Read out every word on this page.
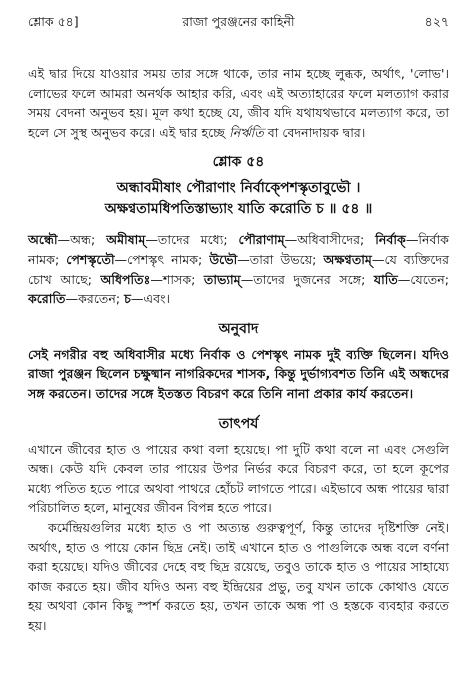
শ্লোক ৫৪]	রাজা পুরঞ্জনের কাহিনী	৪২৭

এই দ্বার দিয়ে যাওয়ার সময় তার সঙ্গে থাকে, তার নাম হচ্ছে লুব্ধক, অর্থাৎ, 'লোভ'। লোভের ফলে আমরা অনর্থক আহার করি, এবং এই অত্যাহারের ফলে মলত্যাগ করার সময় বেদনা অনুভব হয়। মূল কথা হচ্ছে যে, জীব যদি যথাযথভাবে মলত্যাগ করে, তা হলে সে সুস্থ অনুভব করে। এই দ্বার হচ্ছে নির্ঋতি বা বেদনাদায়ক দ্বার।

শ্লোক ৫৪
অন্ধাবমীষাং পৌরাণাং নির্বাক্পেশস্কৃতাবুভৌ ।
অক্ষণ্বতামধিপতিস্তাভ্যাং যাতি করোতি চ ॥ ৫৪ ॥

অন্ধৌ—অন্ধ; অমীষাম্—তাদের মধ্যে; পৌরাণাম্—অধিবাসীদের; নির্বাক্—নির্বাক নামক; পেশস্কৃতৌ—পেশস্কৃৎ নামক; উভৌ—তারা উভয়ে; অক্ষণ্বতাম্—যে ব্যক্তিদের চোখ আছে; অধিপতিঃ—শাসক; তাভ্যাম্—তাদের দুজনের সঙ্গে; যাতি—যেতেন; করোতি—করতেন; চ—এবং।

অনুবাদ

সেই নগরীর বহু অধিবাসীর মধ্যে নির্বাক ও পেশস্কৃৎ নামক দুই ব্যক্তি ছিলেন। যদিও রাজা পুরঞ্জন ছিলেন চক্ষুষ্মান নাগরিকদের শাসক, কিন্তু দুর্ভাগ্যবশত তিনি এই অন্ধদের সঙ্গ করতেন। তাদের সঙ্গে ইতস্তত বিচরণ করে তিনি নানা প্রকার কার্য করতেন।

তাৎপর্য

এখানে জীবের হাত ও পায়ের কথা বলা হয়েছে। পা দুটি কথা বলে না এবং সেগুলি অন্ধ। কেউ যদি কেবল তার পায়ের উপর নির্ভর করে বিচরণ করে, তা হলে কূপের মধ্যে পতিত হতে পারে অথবা পাথরে হোঁচট লাগতে পারে। এইভাবে অন্ধ পায়ের দ্বারা পরিচালিত হলে, মানুষের জীবন বিপন্ন হতে পারে।

কর্মেন্দ্রিয়গুলির মধ্যে হাত ও পা অত্যন্ত গুরুত্বপূর্ণ, কিন্তু তাদের দৃষ্টিশক্তি নেই। অর্থাৎ, হাত ও পায়ে কোন ছিদ্র নেই। তাই এখানে হাত ও পাগুলিকে অন্ধ বলে বর্ণনা করা হয়েছে। যদিও জীবের দেহে বহু ছিদ্র রয়েছে, তবুও তাকে হাত ও পায়ের সাহায্যে কাজ করতে হয়। জীব যদিও অন্য বহু ইন্দ্রিয়ের প্রভু, তবু যখন তাকে কোথাও যেতে হয় অথবা কোন কিছু স্পর্শ করতে হয়, তখন তাকে অন্ধ পা ও হস্তকে ব্যবহার করতে হয়।
